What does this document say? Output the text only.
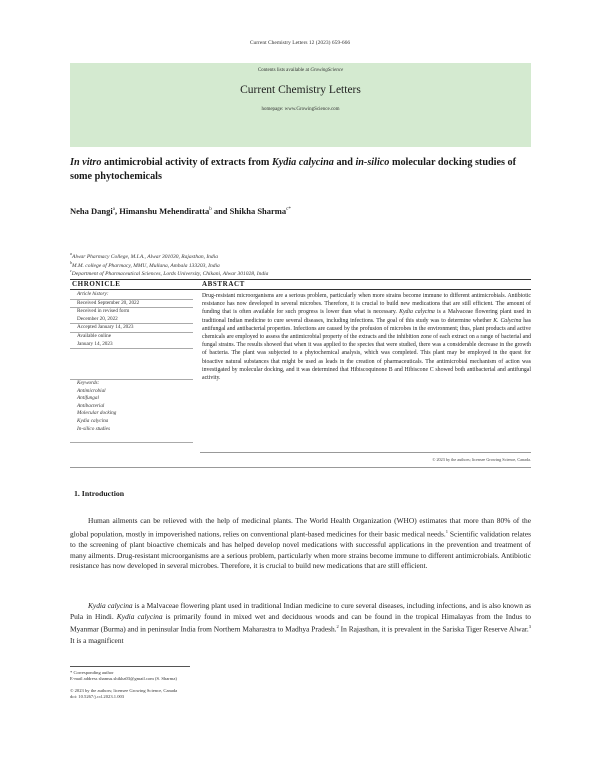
Current Chemistry Letters 12 (2023) 659-666
Contents lists available at GrowingScience
Current Chemistry Letters
homepage: www.GrowingScience.com
In vitro antimicrobial activity of extracts from Kydia calycina and in-silico molecular docking studies of some phytochemicals
Neha Dangi$^a$, Himanshu Mehendiratta$^b$ and Shikha Sharma$^{c*}$
$^a$Alwar Pharmacy College, M.I.A., Alwar 301030, Rajasthan, India
$^b$M.M. college of Pharmacy, MMU, Mullana, Ambala 133203, India
$^c$Department of Pharmaceutical Sciences, Lords University, Chikani, Alwar 301028, India
CHRONICLE	ABSTRACT
Article history:
Received September 20, 2022
Received in revised form
December 20, 2022
Accepted January 14, 2023
Available online
January 14, 2023
Keywords:
Antimicrobial
Antifungal
Antibacterial
Molecular docking
Kydia calycina
In-silico studies
Drug-resistant microorganisms are a serious problem, particularly when more strains become immune to different antimicrobials. Antibiotic resistance has now developed in several microbes. Therefore, it is crucial to build new medications that are still efficient. The amount of funding that is often available for such progress is lower than what is necessary. Kydia calycina is a Malvaceae flowering plant used in traditional Indian medicine to cure several diseases, including infections. The goal of this study was to determine whether K. Calycina has antifungal and antibacterial properties. Infections are caused by the profusion of microbes in the environment; thus, plant products and active chemicals are employed to assess the antimicrobial property of the extracts and the inhibition zone of each extract on a range of bacterial and fungal strains. The results showed that when it was applied to the species that were studied, there was a considerable decrease in the growth of bacteria. The plant was subjected to a phytochemical analysis, which was completed. This plant may be employed in the quest for bioactive natural substances that might be used as leads in the creation of pharmaceuticals. The antimicrobial mechanism of action was investigated by molecular docking, and it was determined that Hibiscoquinone B and Hibiscone C showed both antibacterial and antifungal activity.
© 2023 by the authors; licensee Growing Science, Canada.
1. Introduction
Human ailments can be relieved with the help of medicinal plants. The World Health Organization (WHO) estimates that more than 80% of the global population, mostly in impoverished nations, relies on conventional plant-based medicines for their basic medical needs.$^1$ Scientific validation relates to the screening of plant bioactive chemicals and has helped develop novel medications with successful applications in the prevention and treatment of many ailments. Drug-resistant microorganisms are a serious problem, particularly when more strains become immune to different antimicrobials. Antibiotic resistance has now developed in several microbes. Therefore, it is crucial to build new medications that are still efficient.
Kydia calycina is a Malvaceae flowering plant used in traditional Indian medicine to cure several diseases, including infections, and is also known as Pula in Hindi. Kydia calycina is primarily found in mixed wet and deciduous woods and can be found in the tropical Himalayas from the Indus to Myanmar (Burma) and in peninsular India from Northern Maharastra to Madhya Pradesh.$^2$ In Rajasthan, it is prevalent in the Sariska Tiger Reserve Alwar.$^3$ It is a magnificent
* Corresponding author
E-mail address shamsu.shikha03@gmail.com (S. Sharma)
© 2023 by the authors; licensee Growing Science, Canada
doi: 10.5267/j.ccl.2023.1.003
